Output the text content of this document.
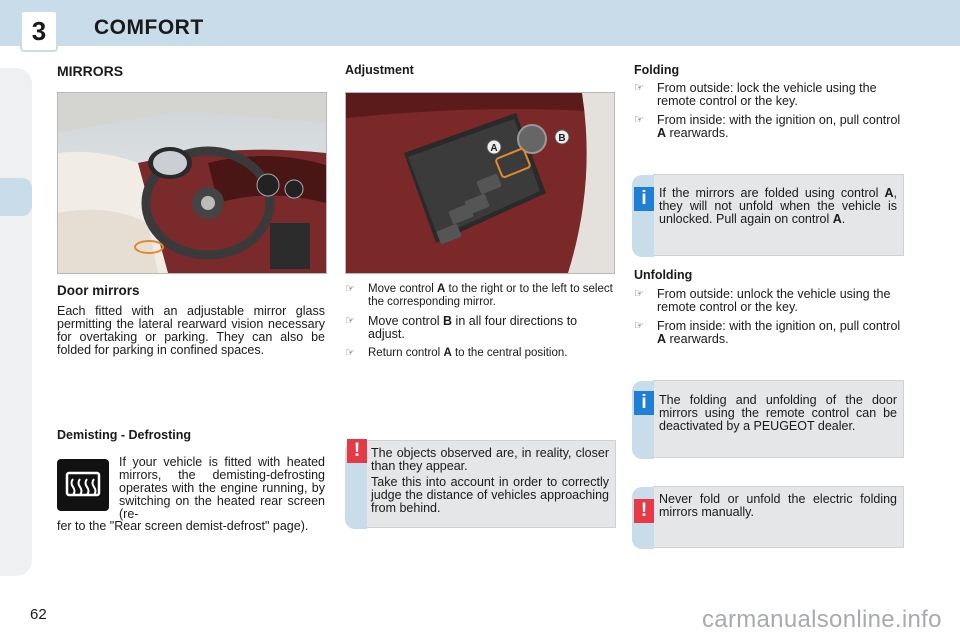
3	COMFORT
MIRRORS
Door mirrors
Each fitted with an adjustable mirror glass permitting the lateral rearward vision necessary for overtaking or parking. They can also be folded for parking in confined spaces.
Demisting - Defrosting
If your vehicle is fitted with heated mirrors, the demisting-defrosting operates with the engine running, by switching on the heated rear screen (re-
fer to the "Rear screen demist-defrost" page).
Adjustment
A
B
☞ Move control A to the right or to the left to select the corresponding mirror.
☞ Move control B in all four directions to adjust.
☞ Return control A to the central position.
! The objects observed are, in reality, closer than they appear.
Take this into account in order to correctly judge the distance of vehicles approaching from behind.
Folding
☞ From outside: lock the vehicle using the remote control or the key.
☞ From inside: with the ignition on, pull control A rearwards.
i If the mirrors are folded using control A, they will not unfold when the vehicle is unlocked. Pull again on control A.
Unfolding
☞ From outside: unlock the vehicle using the remote control or the key.
☞ From inside: with the ignition on, pull control A rearwards.
i The folding and unfolding of the door mirrors using the remote control can be deactivated by a PEUGEOT dealer.
!
Never fold or unfold the electric folding mirrors manually.
62	carmanualsonline.info
